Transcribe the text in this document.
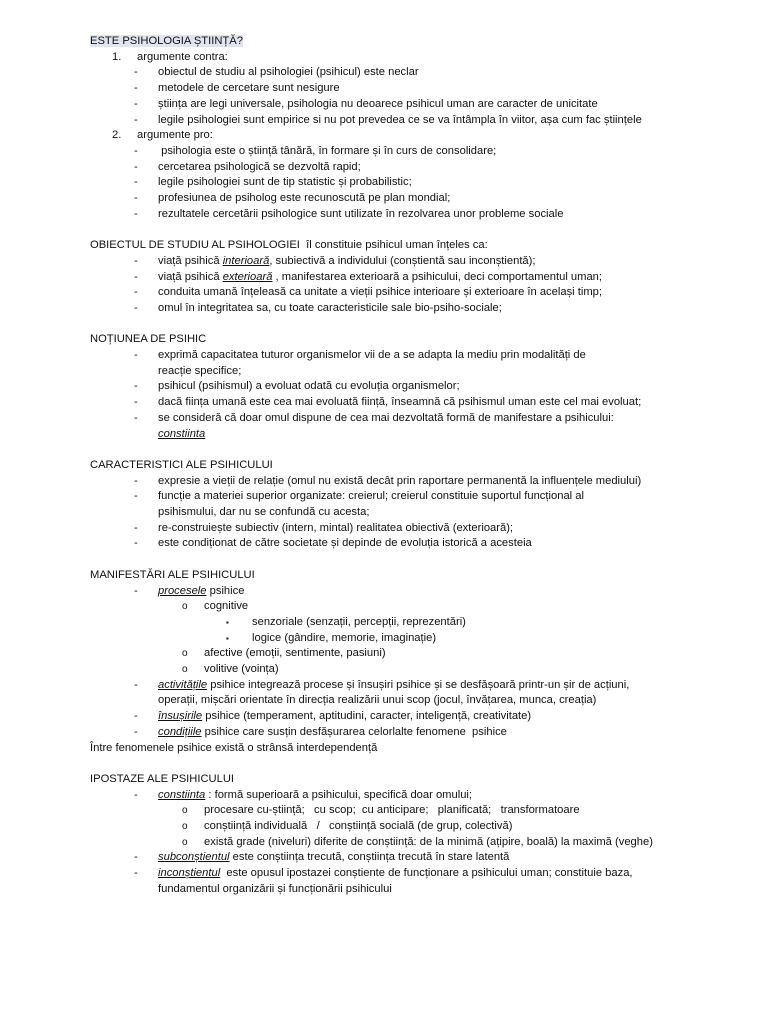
ESTE PSIHOLOGIA ȘTIINȚĂ?
1.	argumente contra:
-	obiectul de studiu al psihologiei (psihicul) este neclar
-	metodele de cercetare sunt nesigure
-	știința are legi universale, psihologia nu deoarece psihicul uman are caracter de unicitate
-	legile psihologiei sunt empirice si nu pot prevedea ce se va întâmpla în viitor, așa cum fac științele
2.	argumente pro:
-	psihologia este o știință tânără, în formare și în curs de consolidare;
-	cercetarea psihologică se dezvoltă rapid;
-	legile psihologiei sunt de tip statistic și probabilistic;
-	profesiunea de psiholog este recunoscută pe plan mondial;
-	rezultatele cercetării psihologice sunt utilizate în rezolvarea unor probleme sociale
OBIECTUL DE STUDIU AL PSIHOLOGIEI  îl constituie psihicul uman înțeles ca:
-	viață psihică interioară, subiectivă a individului (conștientă sau inconștientă);
-	viață psihică exterioară , manifestarea exterioară a psihicului, deci comportamentul uman;
-	conduita umană înțeleasă ca unitate a vieții psihice interioare și exterioare în același timp;
-	omul în integritatea sa, cu toate caracteristicile sale bio-psiho-sociale;
NOȚIUNEA DE PSIHIC
-	exprimă capacitatea tuturor organismelor vii de a se adapta la mediu prin modalități de reacție specifice;
-	psihicul (psihismul) a evoluat odată cu evoluția organismelor;
-	dacă ființa umană este cea mai evoluată ființă, înseamnă că psihismul uman este cel mai evoluat;
-	se consideră că doar omul dispune de cea mai dezvoltată formă de manifestare a psihicului: constiinta
CARACTERISTICI ALE PSIHICULUI
-	expresie a vieții de relație (omul nu există decât prin raportare permanentă la influențele mediului)
-	funcție a materiei superior organizate: creierul; creierul constituie suportul funcțional al psihismului, dar nu se confundă cu acesta;
-	re-construiește subiectiv (intern, mintal) realitatea obiectivă (exterioară);
-	este condiționat de către societate și depinde de evoluția istorică a acesteia
MANIFESTĂRI ALE PSIHICULUI
-	procesele psihice
o	cognitive
▪	senzoriale (senzații, percepții, reprezentări)
▪	logice (gândire, memorie, imaginație)
o	afective (emoții, sentimente, pasiuni)
o	volitive (voința)
-	activitățile psihice integrează procese și însușiri psihice și se desfășoară printr-un șir de acțiuni, operații, mișcări orientate în direcția realizării unui scop (jocul, învățarea, munca, creația)
-	însușirile psihice (temperament, aptitudini, caracter, inteligență, creativitate)
-	condițiile psihice care susțin desfășurarea celorlalte fenomene  psihice
Între fenomenele psihice există o strânsă interdependență
IPOSTAZE ALE PSIHICULUI
-	constiinta : formă superioară a psihicului, specifică doar omului;
o	procesare cu-știință;   cu scop;  cu anticipare;   planificată;   transformatoare
o	conștiință individuală   /   conștiință socială (de grup, colectivă)
o	există grade (niveluri) diferite de conștiință: de la minimă (ațipire, boală) la maximă (veghe)
-	subconștientul este conștiința trecută, conștiința trecută în stare latentă
-	inconștientul  este opusul ipostazei conștiente de funcționare a psihicului uman; constituie baza, fundamentul organizării și funcționării psihicului
